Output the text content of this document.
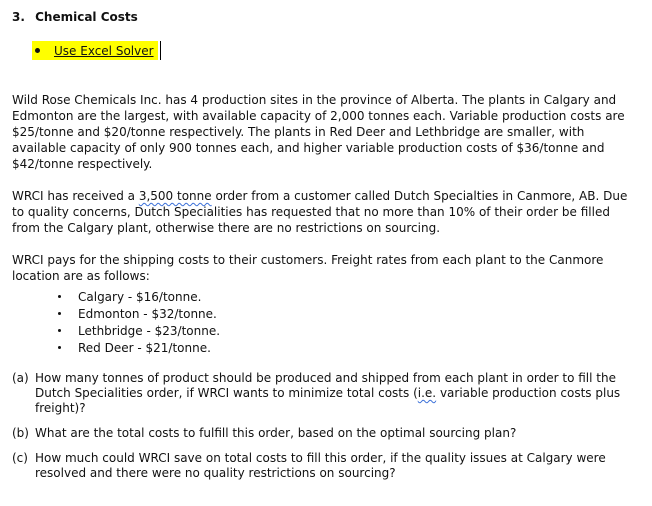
3. Chemical Costs
Use Excel Solver

Wild Rose Chemicals Inc. has 4 production sites in the province of Alberta. The plants in Calgary and Edmonton are the largest, with available capacity of 2,000 tonnes each. Variable production costs are $25/tonne and $20/tonne respectively. The plants in Red Deer and Lethbridge are smaller, with available capacity of only 900 tonnes each, and higher variable production costs of $36/tonne and $42/tonne respectively.

WRCI has received a 3,500 tonne order from a customer called Dutch Specialties in Canmore, AB. Due to quality concerns, Dutch Specialities has requested that no more than 10% of their order be filled from the Calgary plant, otherwise there are no restrictions on sourcing.

WRCI pays for the shipping costs to their customers. Freight rates from each plant to the Canmore location are as follows:

Calgary - $16/tonne.
Edmonton - $32/tonne.
Lethbridge - $23/tonne.
Red Deer - $21/tonne.
(a) How many tonnes of product should be produced and shipped from each plant in order to fill the Dutch Specialities order, if WRCI wants to minimize total costs (i.e. variable production costs plus freight)?
(b) What are the total costs to fulfill this order, based on the optimal sourcing plan?
(c) How much could WRCI save on total costs to fill this order, if the quality issues at Calgary were resolved and there were no quality restrictions on sourcing?
